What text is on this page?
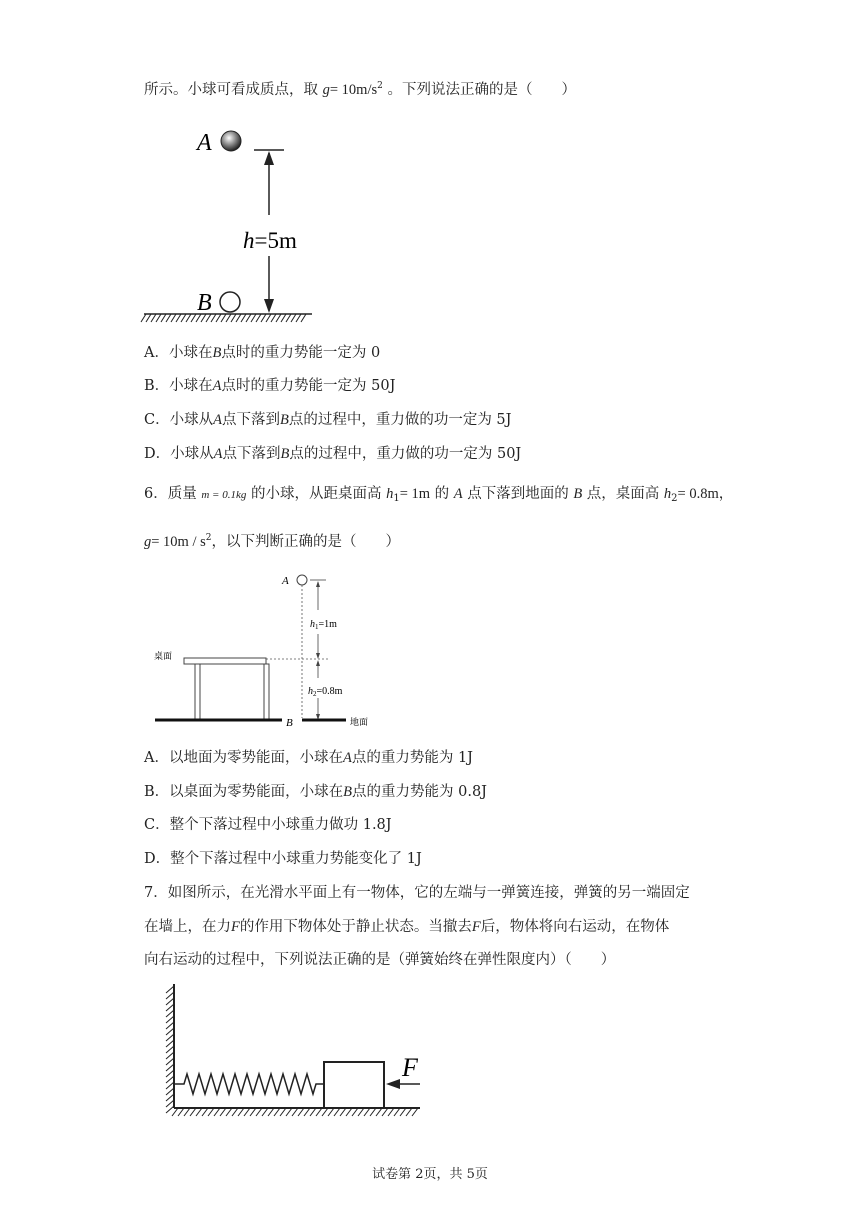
所示。小球可看成质点，取 $g= 10m/s^2$ 。下列说法正确的是（　　）
A
h=5m
B
A．小球在B点时的重力势能一定为 0
B．小球在A点时的重力势能一定为 50J
C．小球从A点下落到B点的过程中，重力做的功一定为 5J
D．小球从A点下落到B点的过程中，重力做的功一定为 50J
6．质量 m = 0.1kg 的小球，从距桌面高 $h_1= 1m$ 的 A 点下落到地面的 B 点，桌面高 $h_2= 0.8m$，
$g= 10m / s^2$，以下判断正确的是（　　）
A
$h_1=1m$
$h_2=0.8m$
桌面
B	地面
A．以地面为零势能面，小球在A点的重力势能为 1J
B．以桌面为零势能面，小球在B点的重力势能为 0.8J
C．整个下落过程中小球重力做功 1.8J
D．整个下落过程中小球重力势能变化了 1J
7．如图所示，在光滑水平面上有一物体，它的左端与一弹簧连接，弹簧的另一端固定
在墙上，在力F的作用下物体处于静止状态。当撤去F后，物体将向右运动，在物体
向右运动的过程中，下列说法正确的是（弹簧始终在弹性限度内）（　　）
F
试卷第 2页，共 5页
